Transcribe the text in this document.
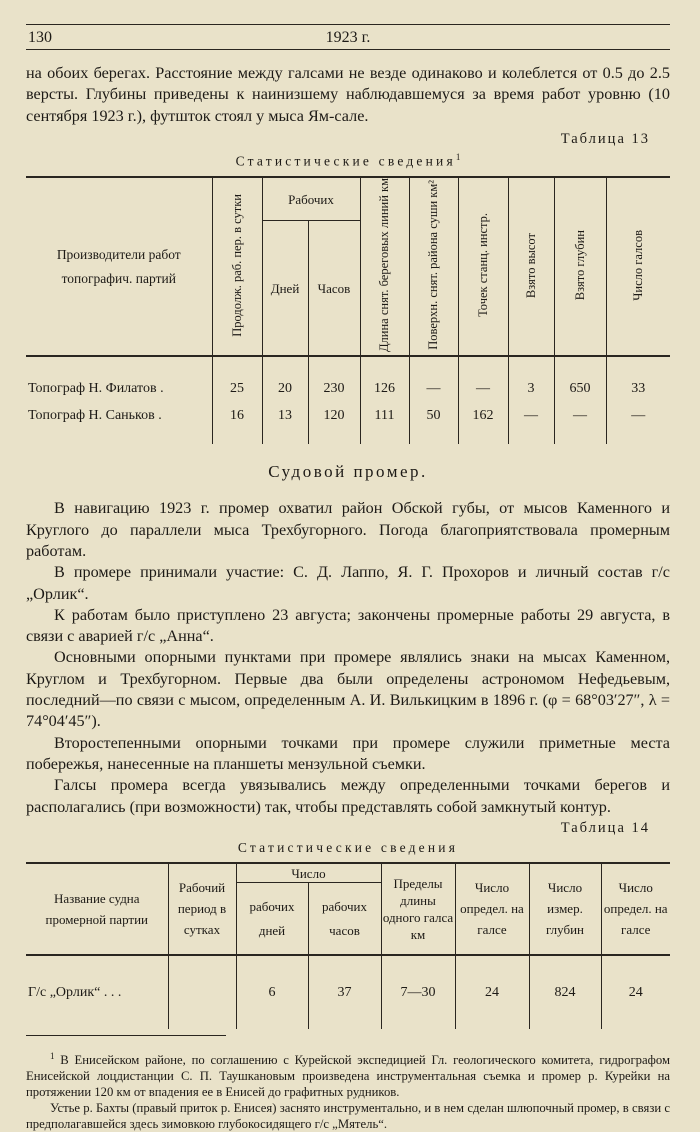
130	1923 г.

на обоих берегах. Расстояние между галсами не везде одинаково и колеблется от 0.5 до 2.5 версты. Глубины приведены к наинизшему наблюдавшемуся за время работ уровню (10 сентября 1923 г.), футшток стоял у мыса Ям-сале.

Таблица 13
Статистические сведения$^1$
Производители работ топографич. партий	Продолж. раб. пер. в сутки	Рабочих		Длина снят. береговых линий км	Поверхн. снят. района суши км²	Точек станц. инстр.	Взято высот	Взято глубин	Число галсов
		Дней	Часов						
Топограф Н. Филатов .	25	20	230	126	—	—	3	650	33
Топограф Н. Саньков .	16	13	120	111	50	162	—	—	—
Судовой промер.

В навигацию 1923 г. промер охватил район Обской губы, от мысов Каменного и Круглого до параллели мыса Трехбугорного. Погода благоприятствовала промерным работам.

В промере принимали участие: С. Д. Лаппо, Я. Г. Прохоров и личный состав г/с „Орлик“.

К работам было приступлено 23 августа; закончены промерные работы 29 августа, в связи с аварией г/с „Анна“.

Основными опорными пунктами при промере являлись знаки на мысах Каменном, Круглом и Трехбугорном. Первые два были определены астрономом Нефедьевым, последний—по связи с мысом, определенным А. И. Вилькицким в 1896 г. (φ = 68°03′27″, λ = 74°04′45″).

Второстепенными опорными точками при промере служили приметные места побережья, нанесенные на планшеты мензульной съемки.

Галсы промера всегда увязывались между определенными точками берегов и располагались (при возможности) так, чтобы представлять собой замкнутый контур.

Таблица 14
Статистические сведения
Название судна промерной партии	Рабочий период в сутках	Число		Пределы длины одного галса км	Число определ. на галсе	Число измер. глубин	Число определ. на галсе
		рабочих дней	рабочих часов				
Г/с „Орлик“ . . .		6	37	7—30	24	824	24

$^1$ В Енисейском районе, по соглашению с Курейской экспедицией Гл. геологического комитета, гидрографом Енисейской лоцдистанции С. П. Таушкановым произведена инструментальная съемка и промер р. Курейки на протяжении 120 км от впадения ее в Енисей до графитных рудников.

Устье р. Бахты (правый приток р. Енисея) заснято инструментально, и в нем сделан шлюпочный промер, в связи с предполагавшейся здесь зимовкою глубокосидящего г/с „Мятель“.
